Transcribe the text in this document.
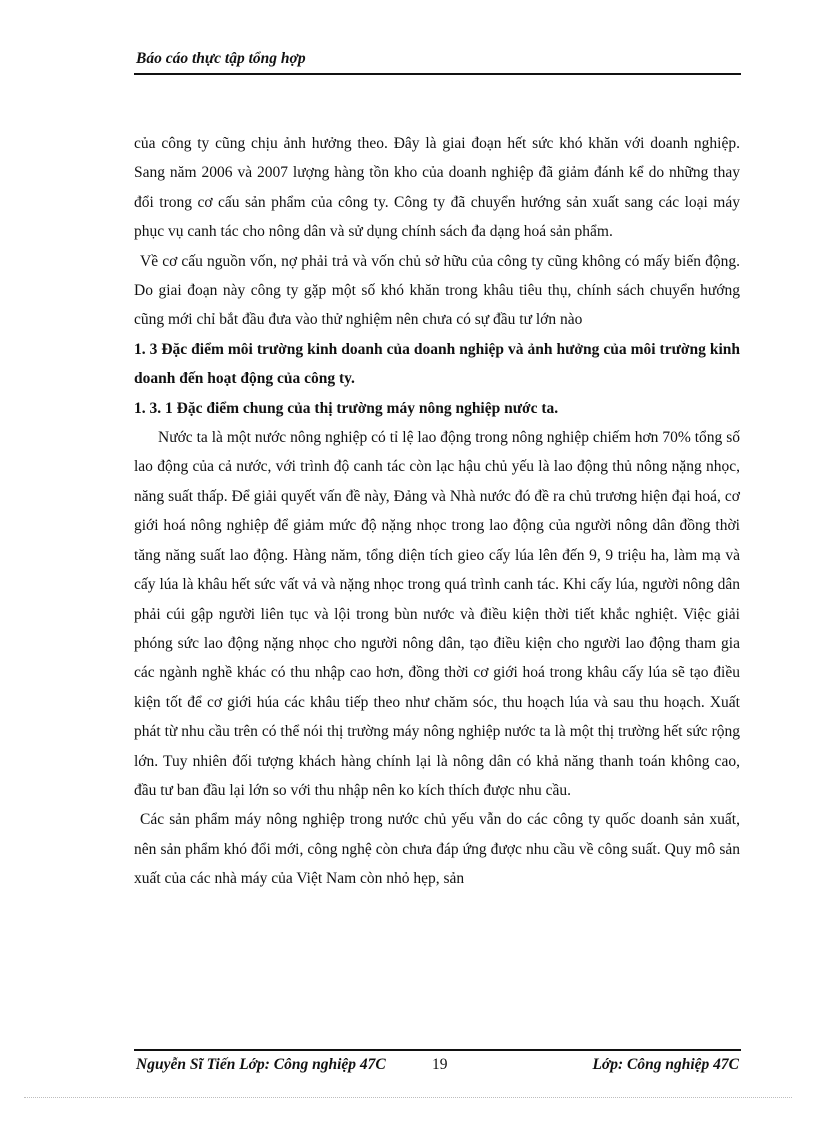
Báo cáo thực tập tổng hợp

của công ty cũng chịu ảnh hưởng theo. Đây là giai đoạn hết sức khó khăn với doanh nghiệp. Sang năm 2006 và 2007 lượng hàng tồn kho của doanh nghiệp đã giảm đánh kể do những thay đổi trong cơ cấu sản phẩm của công ty. Công ty đã chuyển hướng sản xuất sang các loại máy phục vụ canh tác cho nông dân và sử dụng chính sách đa dạng hoá sản phẩm.

Về cơ cấu nguồn vốn, nợ phải trả và vốn chủ sở hữu của công ty cũng không có mấy biến động. Do giai đoạn này công ty gặp một số khó khăn trong khâu tiêu thụ, chính sách chuyển hướng cũng mới chỉ bắt đầu đưa vào thử nghiệm nên chưa có sự đầu tư lớn nào

1. 3 Đặc điểm môi trường kinh doanh của doanh nghiệp và ảnh hưởng của môi trường kinh doanh đến hoạt động của công ty.

1. 3. 1 Đặc điểm chung của thị trường máy nông nghiệp nước ta.

Nước ta là một nước nông nghiệp có tỉ lệ lao động trong nông nghiệp chiếm hơn 70% tổng số lao động của cả nước, với trình độ canh tác còn lạc hậu chủ yếu là lao động thủ nông nặng nhọc, năng suất thấp. Để giải quyết vấn đề này, Đảng và Nhà nước đó đề ra chủ trương hiện đại hoá, cơ giới hoá nông nghiệp để giảm mức độ nặng nhọc trong lao động của người nông dân đồng thời tăng năng suất lao động. Hàng năm, tổng diện tích gieo cấy lúa lên đến 9, 9 triệu ha, làm mạ và cấy lúa là khâu hết sức vất vả và nặng nhọc trong quá trình canh tác. Khi cấy lúa, người nông dân phải cúi gập người liên tục và lội trong bùn nước và điều kiện thời tiết khắc nghiệt. Việc giải phóng sức lao động nặng nhọc cho người nông dân, tạo điều kiện cho người lao động tham gia các ngành nghề khác có thu nhập cao hơn, đồng thời cơ giới hoá trong khâu cấy lúa sẽ tạo điều kiện tốt để cơ giới húa các khâu tiếp theo như chăm sóc, thu hoạch lúa và sau thu hoạch. Xuất phát từ nhu cầu trên có thể nói thị trường máy nông nghiệp nước ta là một thị trường hết sức rộng lớn. Tuy nhiên đối tượng khách hàng chính lại là nông dân có khả năng thanh toán không cao, đầu tư ban đầu lại lớn so với thu nhập nên ko kích thích được nhu cầu.

Các sản phẩm máy nông nghiệp trong nước chủ yếu vẫn do các công ty quốc doanh sản xuất, nên sản phẩm khó đổi mới, công nghệ còn chưa đáp ứng được nhu cầu về công suất. Quy mô sản xuất của các nhà máy của Việt Nam còn nhỏ hẹp, sản

Nguyễn Sĩ Tiến Lớp: Công nghiệp 47C	19	Lớp: Công nghiệp 47C
